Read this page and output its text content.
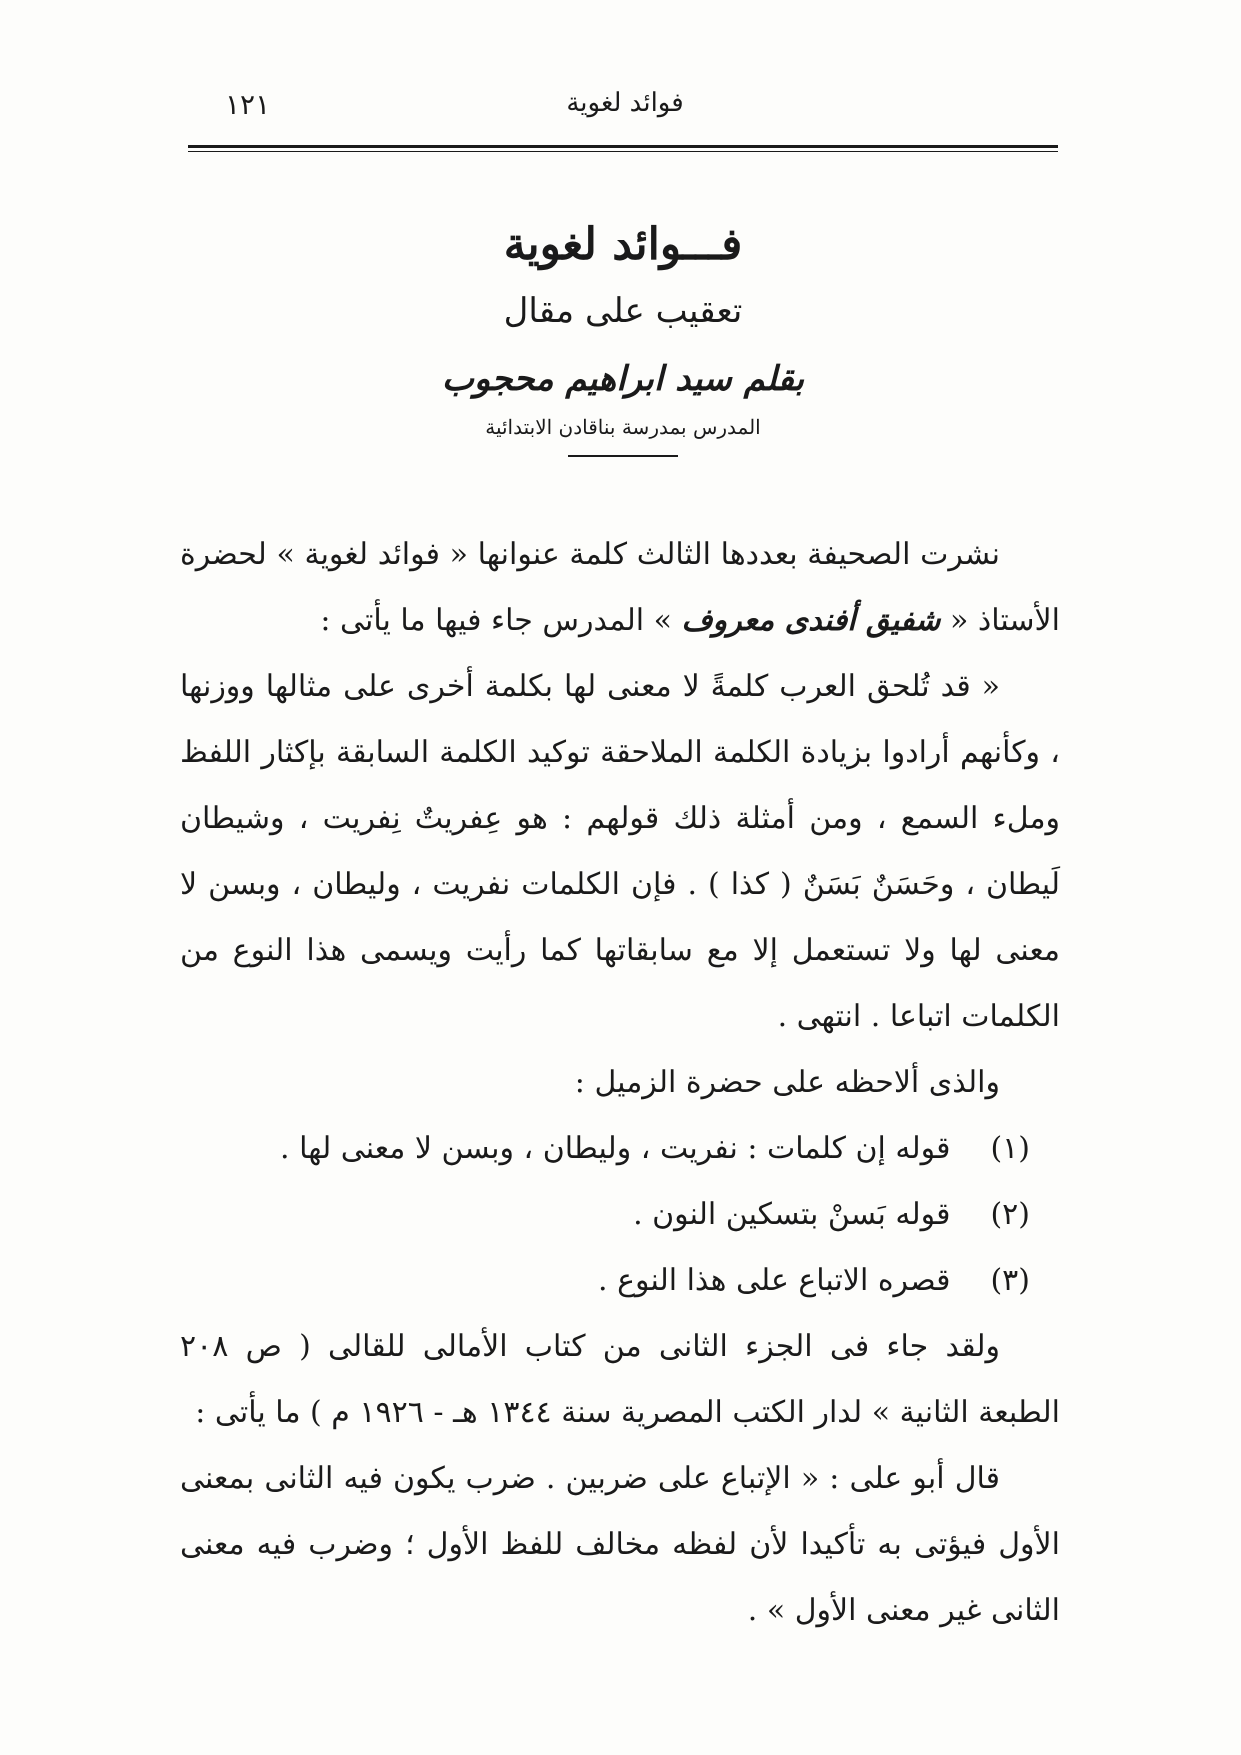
١٢١	فوائد لغوية
فـــوائد لغوية
تعقيب على مقال
بقلم سيد ابراهيم محجوب
المدرس بمدرسة بناقادن الابتدائية

نشرت الصحيفة بعددها الثالث كلمة عنوانها « فوائد لغوية » لحضرة الأستاذ « شفيق أفندى معروف » المدرس جاء فيها ما يأتى :

« قد تُلحق العرب كلمةً لا معنى لها بكلمة أخرى على مثالها ووزنها ، وكأنهم أرادوا بزيادة الكلمة الملاحقة توكيد الكلمة السابقة بإكثار اللفظ وملء السمع ، ومن أمثلة ذلك قولهم : هو عِفريتٌ نِفريت ، وشيطان لَيطان ، وحَسَنٌ بَسَنٌ ( كذا ) . فإن الكلمات نفريت ، وليطان ، وبسن لا معنى لها ولا تستعمل إلا مع سابقاتها كما رأيت ويسمى هذا النوع من الكلمات اتباعا . انتهى .

والذى ألاحظه على حضرة الزميل :

(١) قوله إن كلمات : نفريت ، وليطان ، وبسن لا معنى لها .
(٢) قوله بَسنْ بتسكين النون .
(٣) قصره الاتباع على هذا النوع .

ولقد جاء فى الجزء الثانى من كتاب الأمالى للقالى ( ص ٢٠٨ الطبعة الثانية » لدار الكتب المصرية سنة ١٣٤٤ هـ - ١٩٢٦ م ) ما يأتى :

قال أبو على : « الإتباع على ضربين . ضرب يكون فيه الثانى بمعنى الأول فيؤتى به تأكيدا لأن لفظه مخالف للفظ الأول ؛ وضرب فيه معنى الثانى غير معنى الأول » .
